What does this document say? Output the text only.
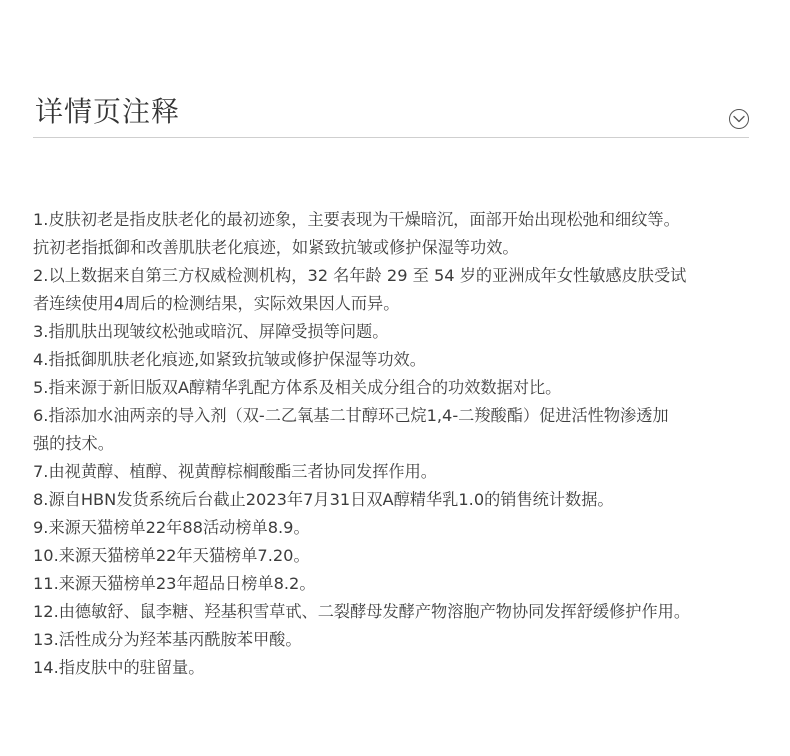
详情页注释
1.皮肤初老是指皮肤老化的最初迹象，主要表现为干燥暗沉，面部开始出现松弛和细纹等。
抗初老指抵御和改善肌肤老化痕迹，如紧致抗皱或修护保湿等功效。
2.以上数据来自第三方权威检测机构，32 名年龄 29 至 54 岁的亚洲成年女性敏感皮肤受试
者连续使用4周后的检测结果，实际效果因人而异。
3.指肌肤出现皱纹松弛或暗沉、屏障受损等问题。
4.指抵御肌肤老化痕迹,如紧致抗皱或修护保湿等功效。
5.指来源于新旧版双A醇精华乳配方体系及相关成分组合的功效数据对比。
6.指添加水油两亲的导入剂（双-二乙氧基二甘醇环己烷1,4-二羧酸酯）促进活性物渗透加
强的技术。
7.由视黄醇、植醇、视黄醇棕榈酸酯三者协同发挥作用。
8.源自HBN发货系统后台截止2023年7月31日双A醇精华乳1.0的销售统计数据。
9.来源天猫榜单22年88活动榜单8.9。
10.来源天猫榜单22年天猫榜单7.20。
11.来源天猫榜单23年超品日榜单8.2。
12.由德敏舒、鼠李糖、羟基积雪草甙、二裂酵母发酵产物溶胞产物协同发挥舒缓修护作用。
13.活性成分为羟苯基丙酰胺苯甲酸。
14.指皮肤中的驻留量。
